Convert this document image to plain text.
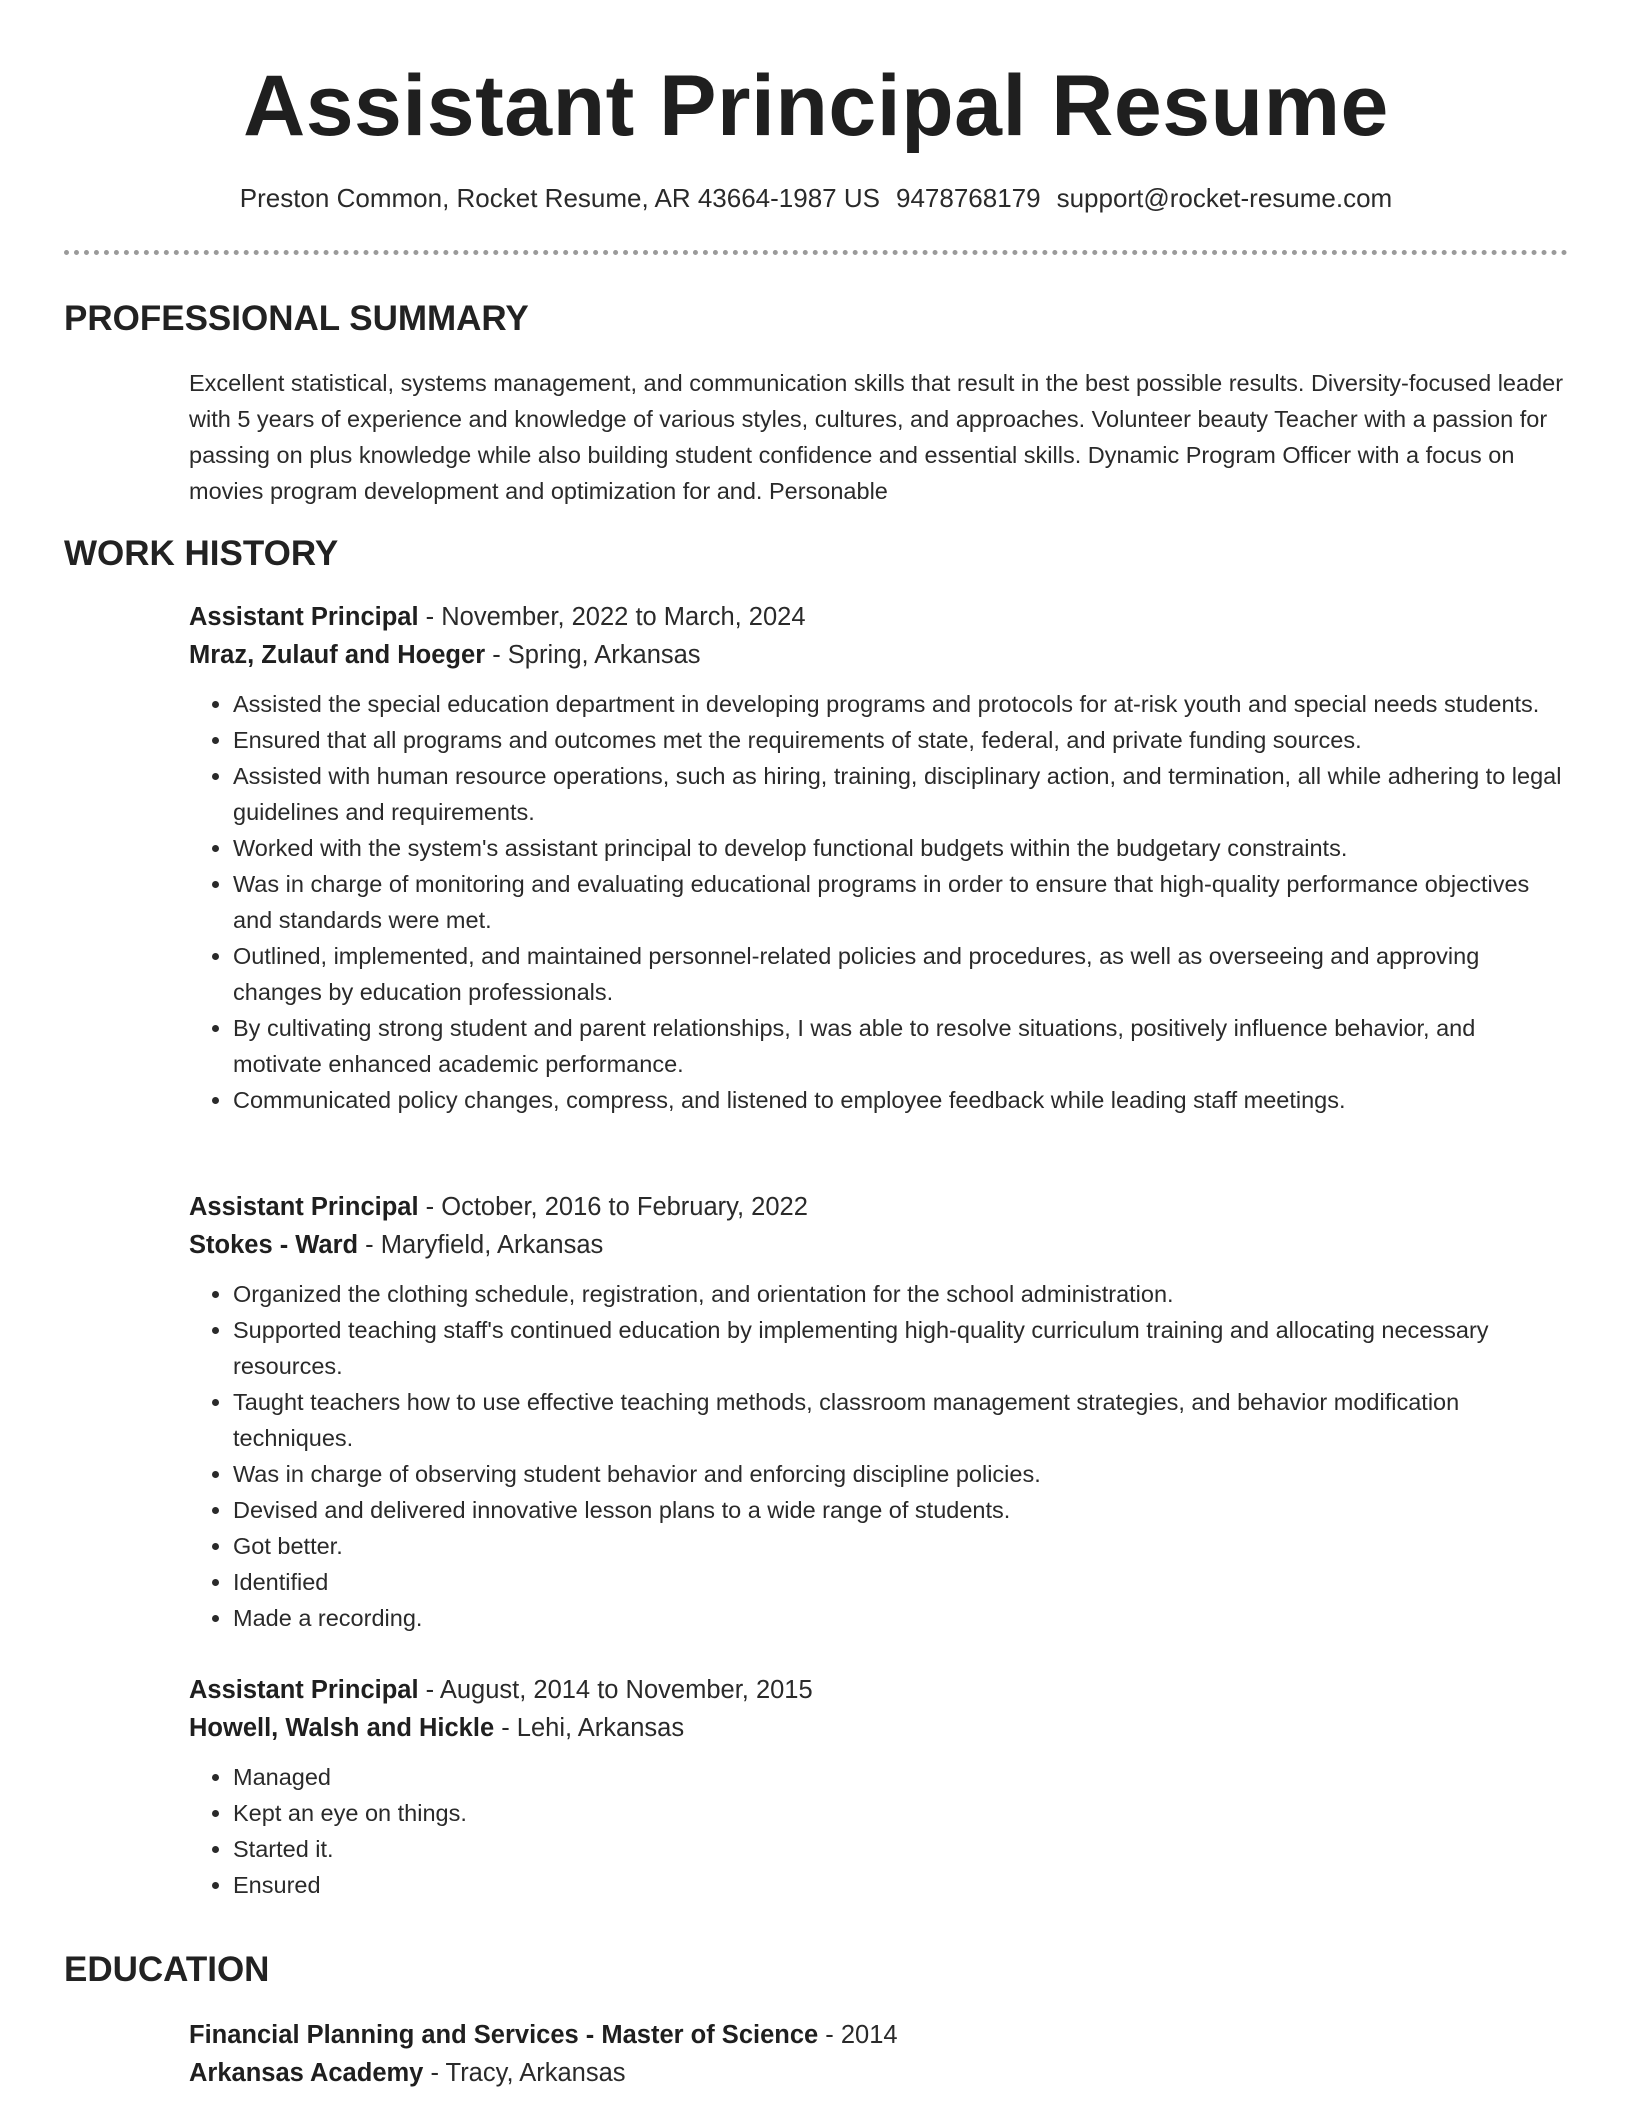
Assistant Principal Resume
Preston Common, Rocket Resume, AR 43664-1987 US 9478768179 support@rocket-resume.com
PROFESSIONAL SUMMARY

Excellent statistical, systems management, and communication skills that result in the best possible results. Diversity-focused leader with 5 years of experience and knowledge of various styles, cultures, and approaches. Volunteer beauty Teacher with a passion for passing on plus knowledge while also building student confidence and essential skills. Dynamic Program Officer with a focus on movies program development and optimization for and. Personable

WORK HISTORY

Assistant Principal - November, 2022 to March, 2024

Mraz, Zulauf and Hoeger - Spring, Arkansas

• Assisted the special education department in developing programs and protocols for at-risk youth and special needs students.
• Ensured that all programs and outcomes met the requirements of state, federal, and private funding sources.
• Assisted with human resource operations, such as hiring, training, disciplinary action, and termination, all while adhering to legal guidelines and requirements.
• Worked with the system's assistant principal to develop functional budgets within the budgetary constraints.
• Was in charge of monitoring and evaluating educational programs in order to ensure that high-quality performance objectives and standards were met.
• Outlined, implemented, and maintained personnel-related policies and procedures, as well as overseeing and approving changes by education professionals.
• By cultivating strong student and parent relationships, I was able to resolve situations, positively influence behavior, and motivate enhanced academic performance.
• Communicated policy changes, compress, and listened to employee feedback while leading staff meetings.

Assistant Principal - October, 2016 to February, 2022

Stokes - Ward - Maryfield, Arkansas

• Organized the clothing schedule, registration, and orientation for the school administration.
• Supported teaching staff's continued education by implementing high-quality curriculum training and allocating necessary resources.
• Taught teachers how to use effective teaching methods, classroom management strategies, and behavior modification techniques.
• Was in charge of observing student behavior and enforcing discipline policies.
• Devised and delivered innovative lesson plans to a wide range of students.
• Got better.
• Identified
• Made a recording.

Assistant Principal - August, 2014 to November, 2015

Howell, Walsh and Hickle - Lehi, Arkansas

• Managed
• Kept an eye on things.
• Started it.
• Ensured
EDUCATION

Financial Planning and Services - Master of Science - 2014

Arkansas Academy - Tracy, Arkansas
